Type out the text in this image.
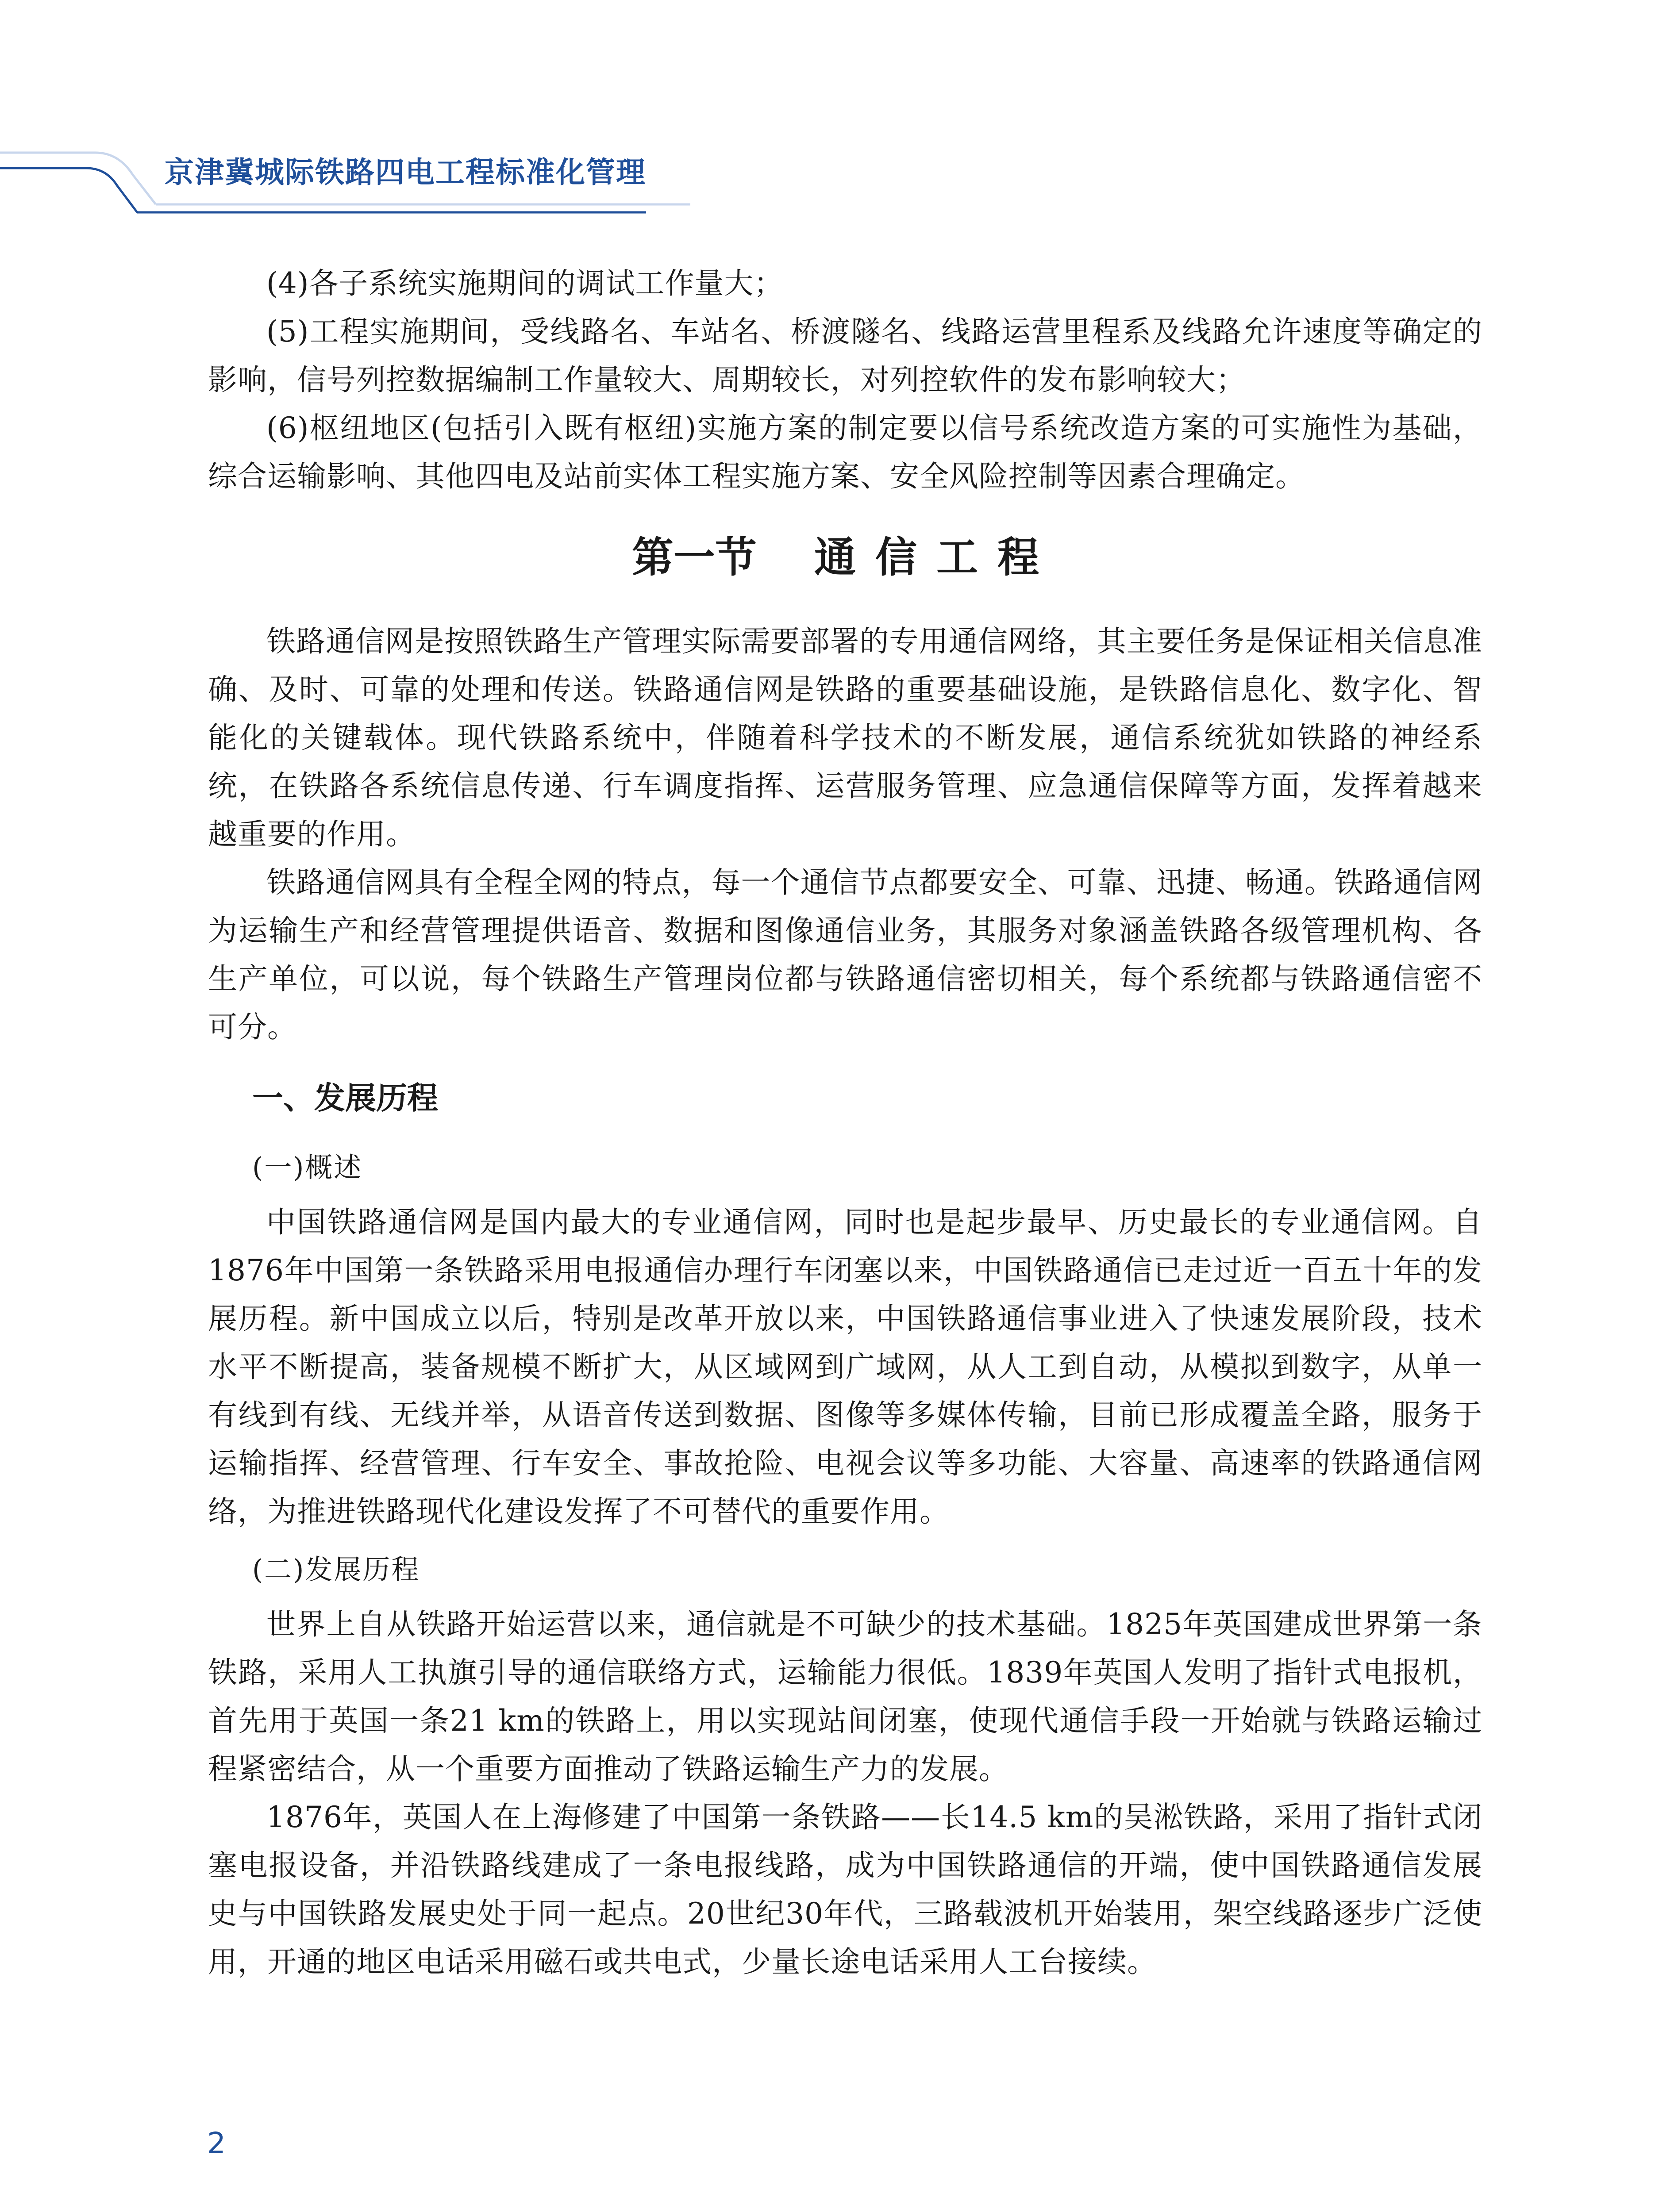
京津冀城际铁路四电工程标准化管理

(4)各子系统实施期间的调试工作量大；

(5)工程实施期间，受线路名、车站名、桥渡隧名、线路运营里程系及线路允许速度等确定的影响，信号列控数据编制工作量较大、周期较长，对列控软件的发布影响较大；

(6)枢纽地区(包括引入既有枢纽)实施方案的制定要以信号系统改造方案的可实施性为基础，综合运输影响、其他四电及站前实体工程实施方案、安全风险控制等因素合理确定。

第一节 通信工程

铁路通信网是按照铁路生产管理实际需要部署的专用通信网络，其主要任务是保证相关信息准确、及时、可靠的处理和传送。铁路通信网是铁路的重要基础设施，是铁路信息化、数字化、智能化的关键载体。现代铁路系统中，伴随着科学技术的不断发展，通信系统犹如铁路的神经系统，在铁路各系统信息传递、行车调度指挥、运营服务管理、应急通信保障等方面，发挥着越来越重要的作用。

铁路通信网具有全程全网的特点，每一个通信节点都要安全、可靠、迅捷、畅通。铁路通信网为运输生产和经营管理提供语音、数据和图像通信业务，其服务对象涵盖铁路各级管理机构、各生产单位，可以说，每个铁路生产管理岗位都与铁路通信密切相关，每个系统都与铁路通信密不可分。

一、发展历程
(一)概述

中国铁路通信网是国内最大的专业通信网，同时也是起步最早、历史最长的专业通信网。自1876年中国第一条铁路采用电报通信办理行车闭塞以来，中国铁路通信已走过近一百五十年的发展历程。新中国成立以后，特别是改革开放以来，中国铁路通信事业进入了快速发展阶段，技术水平不断提高，装备规模不断扩大，从区域网到广域网，从人工到自动，从模拟到数字，从单一有线到有线、无线并举，从语音传送到数据、图像等多媒体传输，目前已形成覆盖全路，服务于运输指挥、经营管理、行车安全、事故抢险、电视会议等多功能、大容量、高速率的铁路通信网络，为推进铁路现代化建设发挥了不可替代的重要作用。

(二)发展历程

世界上自从铁路开始运营以来，通信就是不可缺少的技术基础。1825年英国建成世界第一条铁路，采用人工执旗引导的通信联络方式，运输能力很低。1839年英国人发明了指针式电报机，首先用于英国一条21 km的铁路上，用以实现站间闭塞，使现代通信手段一开始就与铁路运输过程紧密结合，从一个重要方面推动了铁路运输生产力的发展。

1876年，英国人在上海修建了中国第一条铁路——长14.5 km的吴淞铁路，采用了指针式闭塞电报设备，并沿铁路线建成了一条电报线路，成为中国铁路通信的开端，使中国铁路通信发展史与中国铁路发展史处于同一起点。20世纪30年代，三路载波机开始装用，架空线路逐步广泛使用，开通的地区电话采用磁石或共电式，少量长途电话采用人工台接续。

2
